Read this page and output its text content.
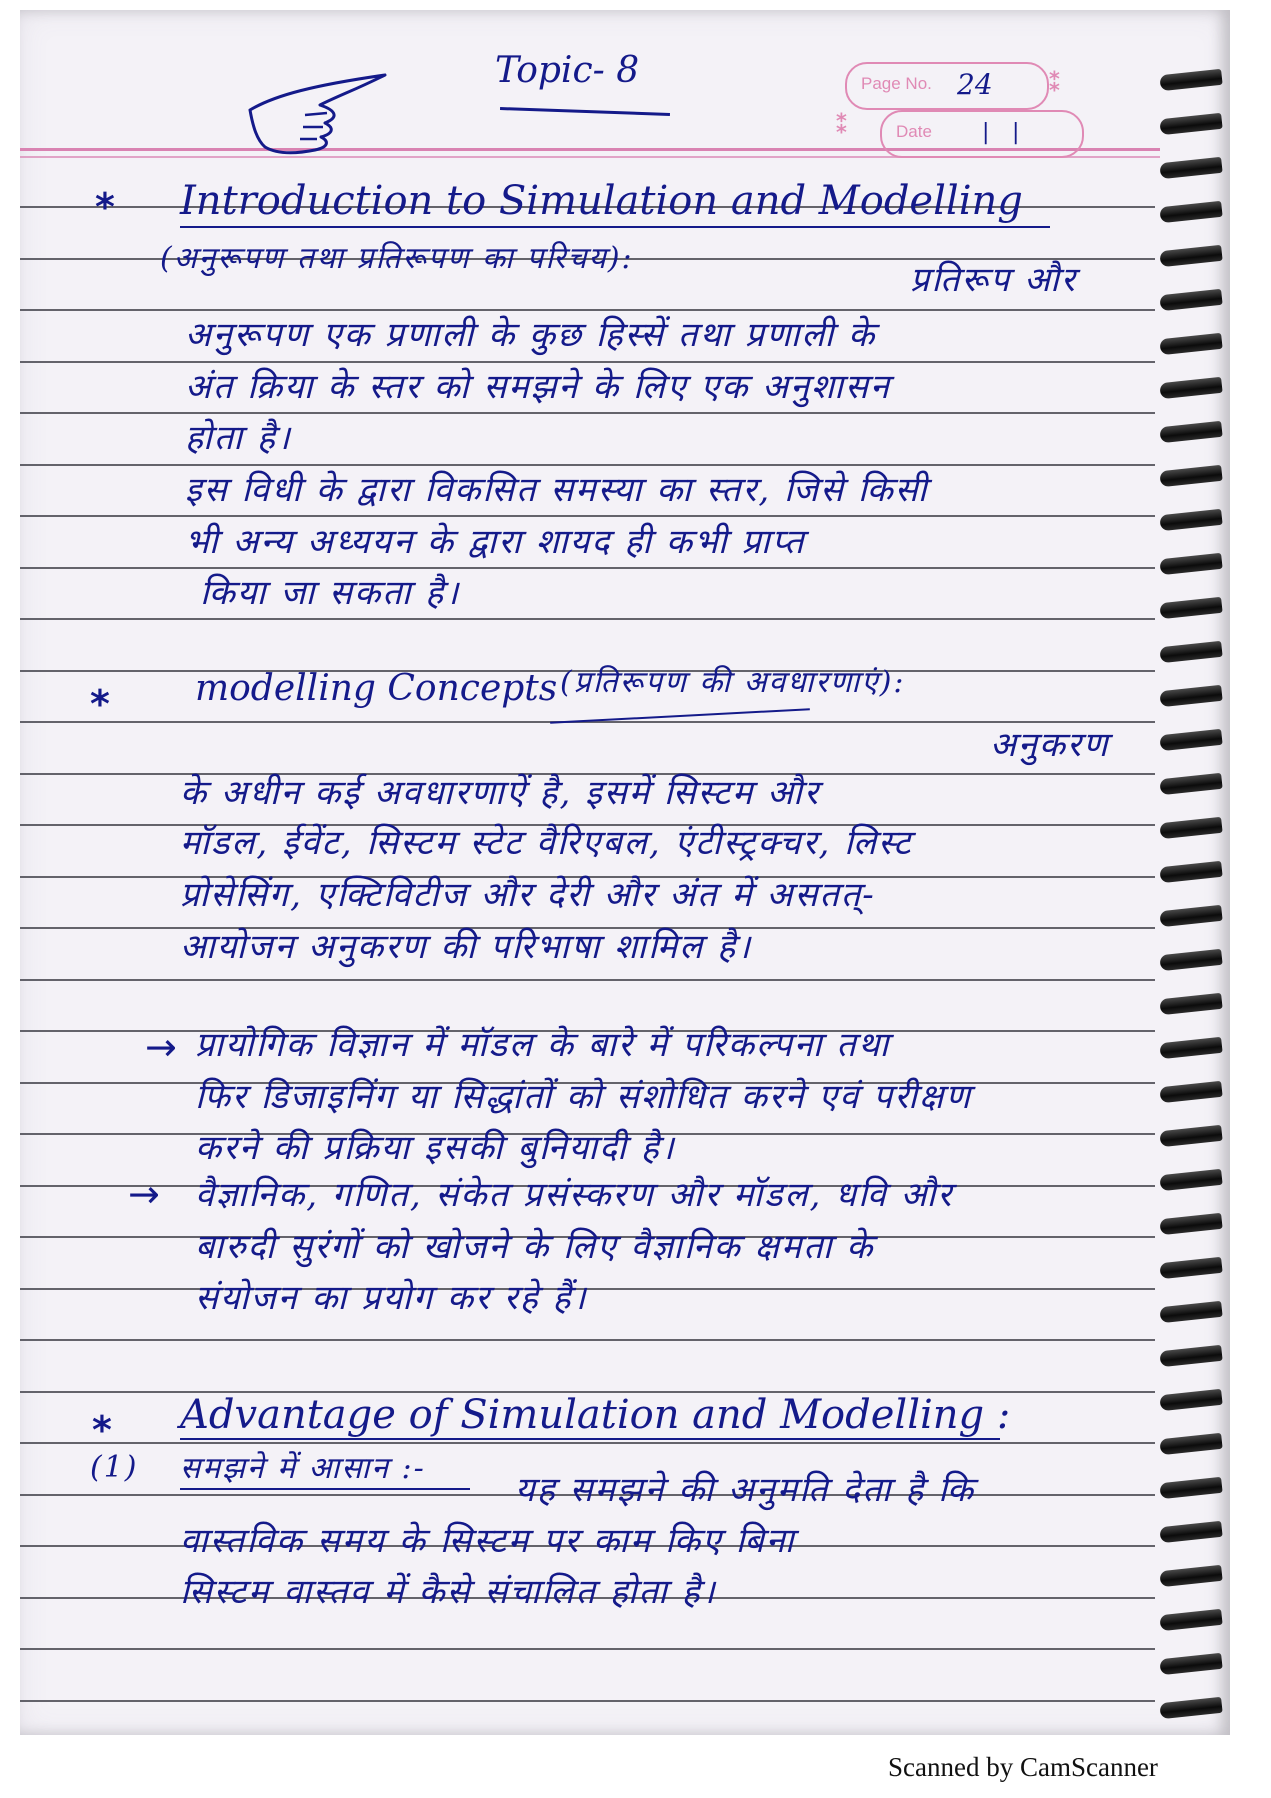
Topic- 8	Page No. 24 ⁑
Date | |
⁑
* Introduction to Simulation and Modelling
(अनुरूपण तथा प्रतिरूपण का परिचय):
प्रतिरूप और
अनुरूपण एक प्रणाली के कुछ हिस्सें तथा प्रणाली के
अंत क्रिया के स्तर को समझने के लिए एक अनुशासन
होता है।
इस विधी के द्वारा विकसित समस्या का स्तर, जिसे किसी
भी अन्य अध्ययन के द्वारा शायद ही कभी प्राप्त
किया जा सकता है।
* modelling Concepts (प्रतिरूपण की अवधारणाएं):
अनुकरण
के अधीन कई अवधारणाऐं है, इसमें सिस्टम और
मॉडल, ईवेंट, सिस्टम स्टेट वैरिएबल, एंटीस्ट्रक्चर, लिस्ट
प्रोसेसिंग, एक्टिविटीज और देरी और अंत में असतत्-
आयोजन अनुकरण की परिभाषा शामिल है।
→ प्रायोगिक विज्ञान में मॉडल के बारे में परिकल्पना तथा
फिर डिजाइनिंग या सिद्धांतों को संशोधित करने एवं परीक्षण
करने की प्रक्रिया इसकी बुनियादी है।
→ वैज्ञानिक, गणित, संकेत प्रसंस्करण और मॉडल, धवि और
बारुदी सुरंगों को खोजने के लिए वैज्ञानिक क्षमता के
संयोजन का प्रयोग कर रहे हैं।
* Advantage of Simulation and Modelling :
(1) समझने में आसान :-
यह समझने की अनुमति देता है कि
वास्तविक समय के सिस्टम पर काम किए बिना
सिस्टम वास्तव में कैसे संचालित होता है।
Scanned by CamScanner
